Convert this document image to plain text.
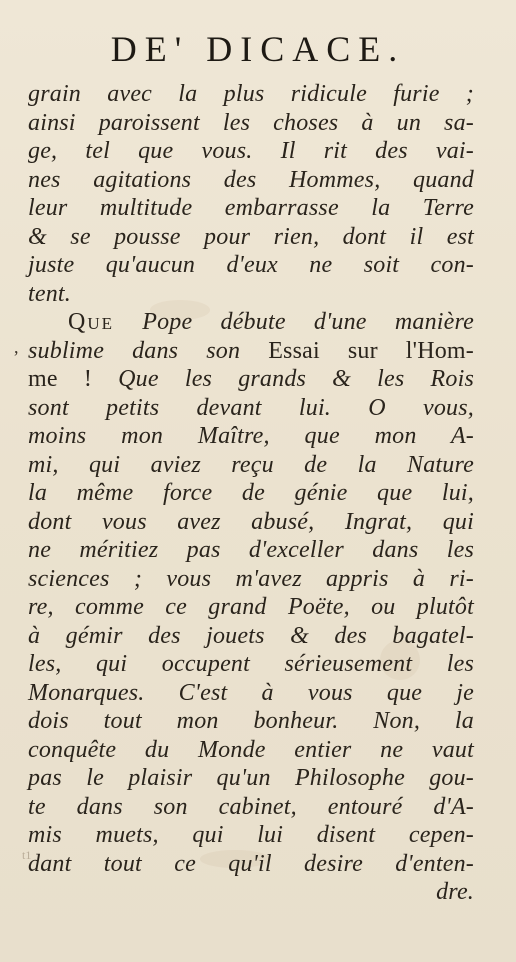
DE' DICACE.
,
grain avec la plus ridicule furie ;
ainsi paroissent les choses à un sa-
ge, tel que vous. Il rit des vai-
nes agitations des Hommes, quand
leur multitude embarrasse la Terre
& se pousse pour rien, dont il est
juste qu'aucun d'eux ne soit con-
tent.
Que Pope débute d'une manière
sublime dans son Essai sur l'Hom-
me ! Que les grands & les Rois
sont petits devant lui. O vous,
moins mon Maître, que mon A-
mi, qui aviez reçu de la Nature
la même force de génie que lui,
dont vous avez abusé, Ingrat, qui
ne méritiez pas d'exceller dans les
sciences ; vous m'avez appris à ri-
re, comme ce grand Poëte, ou plutôt
à gémir des jouets & des bagatel-
les, qui occupent sérieusement les
Monarques. C'est à vous que je
dois tout mon bonheur. Non, la
conquête du Monde entier ne vaut
pas le plaisir qu'un Philosophe gou-
te dans son cabinet, entouré d'A-
mis muets, qui lui disent cepen-
dant tout ce qu'il desire d'enten-
dre.
t1
